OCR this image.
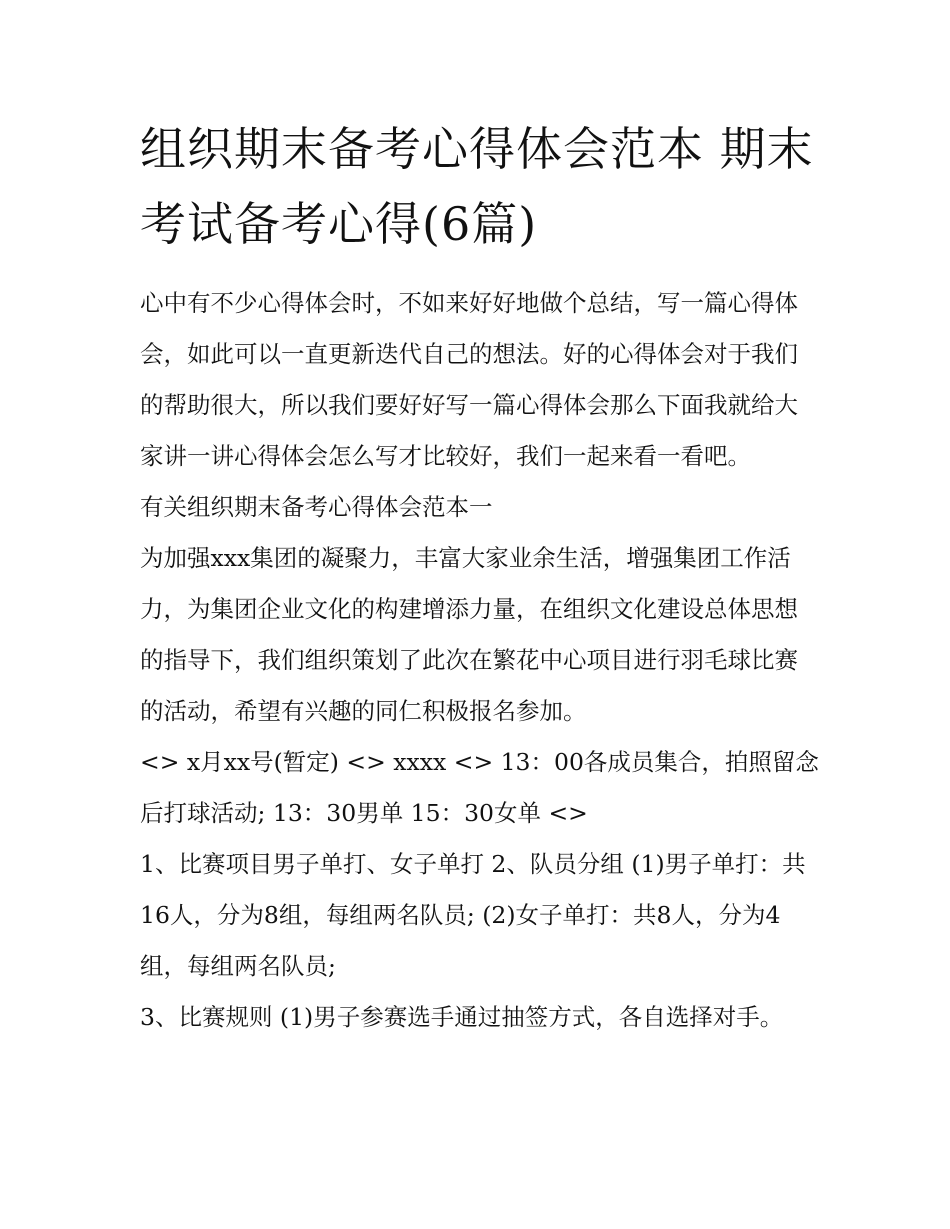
组织期末备考心得体会范本 期末考试备考心得(6篇)

心中有不少心得体会时，不如来好好地做个总结，写一篇心得体会，如此可以一直更新迭代自己的想法。好的心得体会对于我们的帮助很大，所以我们要好好写一篇心得体会那么下面我就给大家讲一讲心得体会怎么写才比较好，我们一起来看一看吧。

有关组织期末备考心得体会范本一

为加强xxx集团的凝聚力，丰富大家业余生活，增强集团工作活力，为集团企业文化的构建增添力量，在组织文化建设总体思想的指导下，我们组织策划了此次在繁花中心项目进行羽毛球比赛的活动，希望有兴趣的同仁积极报名参加。

<> x月xx号(暂定) <> xxxx <> 13：00各成员集合，拍照留念后打球活动; 13：30男单 15：30女单 <>

1、比赛项目男子单打、女子单打 2、队员分组 (1)男子单打：共16人，分为8组，每组两名队员; (2)女子单打：共8人，分为4组，每组两名队员;

3、比赛规则 (1)男子参赛选手通过抽签方式，各自选择对手。
